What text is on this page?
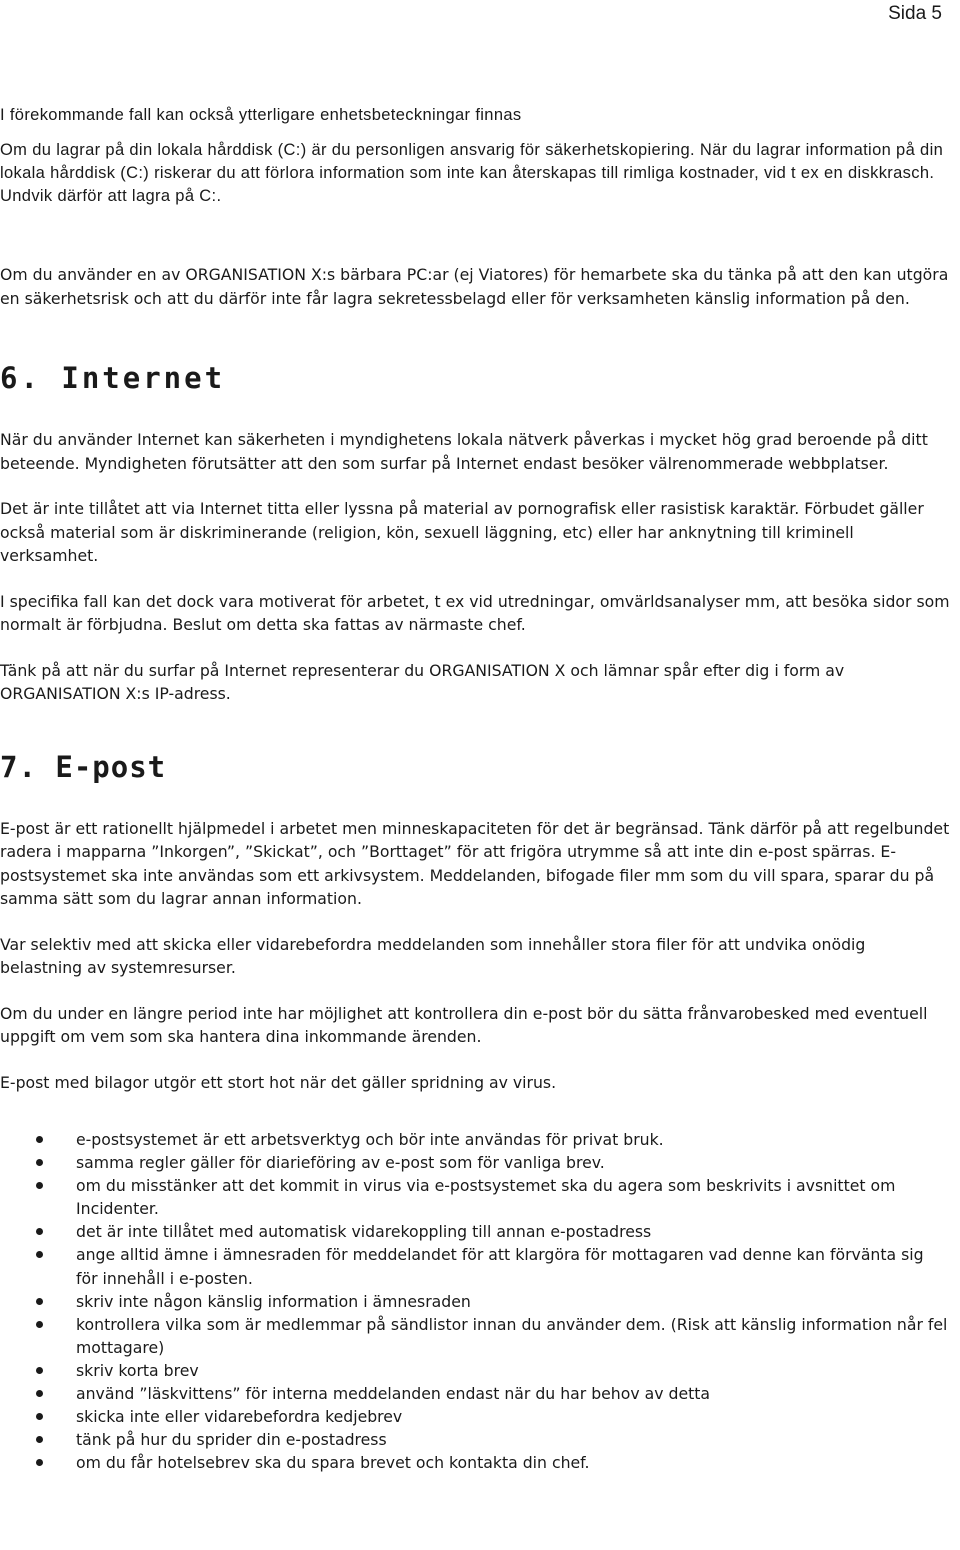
Sida 5

I förekommande fall kan också ytterligare enhetsbeteckningar finnas

Om du lagrar på din lokala hårddisk (C:) är du personligen ansvarig för säkerhetskopiering. När du lagrar information på din lokala hårddisk (C:) riskerar du att förlora information som inte kan återskapas till rimliga kostnader, vid t ex en diskkrasch. Undvik därför att lagra på C:.

Om du använder en av ORGANISATION X:s bärbara PC:ar (ej Viatores) för hemarbete ska du tänka på att den kan utgöra en säkerhetsrisk och att du därför inte får lagra sekretessbelagd eller för verksamheten känslig information på den.

6. Internet

När du använder Internet kan säkerheten i myndighetens lokala nätverk påverkas i mycket hög grad beroende på ditt beteende. Myndigheten förutsätter att den som surfar på Internet endast besöker välrenommerade webbplatser.

Det är inte tillåtet att via Internet titta eller lyssna på material av pornografisk eller rasistisk karaktär. Förbudet gäller också material som är diskriminerande (religion, kön, sexuell läggning, etc) eller har anknytning till kriminell verksamhet.

I specifika fall kan det dock vara motiverat för arbetet, t ex vid utredningar, omvärldsanalyser mm, att besöka sidor som normalt är förbjudna. Beslut om detta ska fattas av närmaste chef.

Tänk på att när du surfar på Internet representerar du ORGANISATION X och lämnar spår efter dig i form av ORGANISATION X:s IP-adress.

7. E-post

E-post är ett rationellt hjälpmedel i arbetet men minneskapaciteten för det är begränsad. Tänk därför på att regelbundet radera i mapparna ”Inkorgen”, ”Skickat”, och ”Borttaget” för att frigöra utrymme så att inte din e-post spärras. E-postsystemet ska inte användas som ett arkivsystem. Meddelanden, bifogade filer mm som du vill spara, sparar du på samma sätt som du lagrar annan information.

Var selektiv med att skicka eller vidarebefordra meddelanden som innehåller stora filer för att undvika onödig belastning av systemresurser.

Om du under en längre period inte har möjlighet att kontrollera din e-post bör du sätta frånvarobesked med eventuell uppgift om vem som ska hantera dina inkommande ärenden.

E-post med bilagor utgör ett stort hot när det gäller spridning av virus.

e-postsystemet är ett arbetsverktyg och bör inte användas för privat bruk.
samma regler gäller för diarieföring av e-post som för vanliga brev.
om du misstänker att det kommit in virus via e-postsystemet ska du agera som beskrivits i avsnittet om Incidenter.
det är inte tillåtet med automatisk vidarekoppling till annan e-postadress
ange alltid ämne i ämnesraden för meddelandet för att klargöra för mottagaren vad denne kan förvänta sig för innehåll i e-posten.
skriv inte någon känslig information i ämnesraden
kontrollera vilka som är medlemmar på sändlistor innan du använder dem. (Risk att känslig information når fel mottagare)
skriv korta brev
använd ”läskvittens” för interna meddelanden endast när du har behov av detta
skicka inte eller vidarebefordra kedjebrev
tänk på hur du sprider din e-postadress
om du får hotelsebrev ska du spara brevet och kontakta din chef.
